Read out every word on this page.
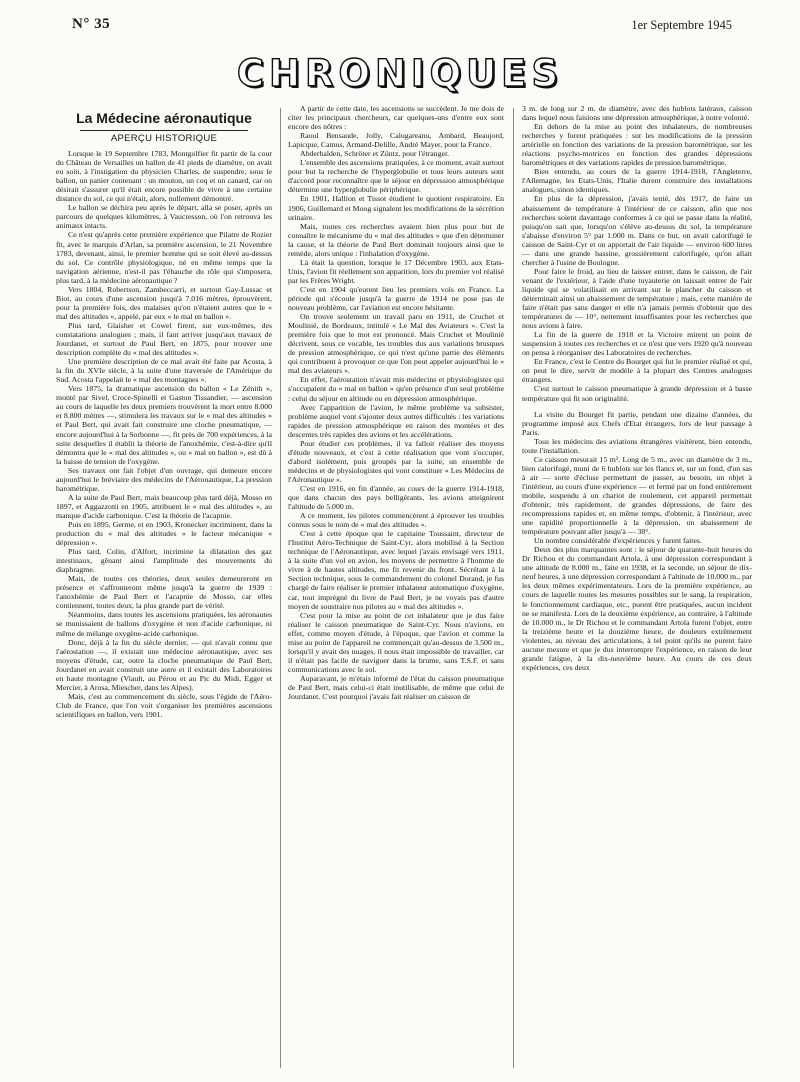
N° 35	1er Septembre 1945
CHRONIQUES
La Médecine aéronautique
APERÇU HISTORIQUE

Lorsque le 19 Septembre 1783, Montgolfier fit partir de la cour du Château de Versailles un ballon de 41 pieds de diamètre, on avait eu soin, à l'instigation du physicien Charles, de suspendre, sous le ballon, un panier contenant : un mouton, un coq et un canard, car on désirait s'assurer qu'il était encore possible de vivre à une certaine distance du sol, ce qui n'était, alors, nullement démontré.

Le ballon se déchira peu après le départ, alla se poser, après un parcours de quelques kilomètres, à Vaucresson, où l'on retrouva les animaux intacts.

Ce n'est qu'après cette première expérience que Pilatre de Rozier fit, avec le marquis d'Arlan, sa première ascension, le 21 Novembre 1783, devenant, ainsi, le premier homme qui se soit élevé au-dessus du sol. Ce contrôle physiologique, né en même temps que la navigation aérienne, n'est-il pas l'ébauche du rôle qui s'imposera, plus tard, à la médecine aéronautique ?

Vers 1804, Robertson, Zambeccarri, et surtout Gay-Lussac et Biot, au cours d'une ascension jusqu'à 7.016 mètres, éprouvèrent, pour la première fois, des malaises qu'on n'étaient autres que le « mal des altitudes », appelé, par eux « le mal en ballon ».

Plus tard, Glaisher et Cowel firent, sur eux-mêmes, des constatations analogues ; mais, il faut arriver jusqu'aux travaux de Jourdanet, et surtout de Paul Bert, en 1875, pour trouver une description complète du « mal des altitudes ».

Une première description de ce mal avait été faite par Acosta, à la fin du XVIe siècle, à la suite d'une traversée de l'Amérique du Sud. Acosta l'appelait le « mal des montagnes ».

Vers 1875, la dramatique ascension du ballon « Le Zénith », monté par Sivel, Croce-Spinelli et Gaston Tissandier, — ascension au cours de laquelle les deux premiers trouvèrent la mort entre 8.000 et 8.800 mètres —, stimulera les travaux sur le « mal des altitudes » et Paul Bert, qui avait fait construire une cloche pneumatique, — encore aujourd'hui à la Sorbonne —, fit près de 700 expériences, à la suite desquelles il établit la théorie de l'anoxhémie, c'est-à-dire qu'il démontra que le « mal des altitudes », ou « mal en ballon », est dû à la baisse de tension de l'oxygène.

Ses travaux ont fait l'objet d'un ouvrage, qui demeure encore aujourd'hui le bréviaire des médecins de l'Aéronautique, La pression barométrique.

A la suite de Paul Bert, mais beaucoup plus tard déjà, Mosso en 1897, et Aggazzotti en 1905, attribuent le « mal des altitudes », au manque d'acide carbonique. C'est la théorie de l'acapnie.

Puis en 1895, Germe, et en 1903, Kronecker incriminent, dans la production du « mal des altitudes » le facteur mécanique « dépression ».

Plus tard, Colin, d'Alfort, incrimine la dilatation des gaz intestinaux, gênant ainsi l'amplitude des mouvements du diaphragme.

Mais, de toutes ces théories, deux seules demeureront en présence et s'affronteront même jusqu'à la guerre de 1939 : l'anoxhémie de Paul Bert et l'acapnie de Mosso, car elles contiennent, toutes deux, la plus grande part de vérité.

Néanmoins, dans toutes les ascensions pratiquées, les aéronautes se munissaient de ballons d'oxygène et non d'acide carbonique, ni même de mélange oxygène-acide carbonique.

Donc, déjà à la fin du siècle dernier, — qui n'avait connu que l'aérostation —, il existait une médecine aéronautique, avec ses moyens d'étude, car, outre la cloche pneumatique de Paul Bert, Jourdanet en avait construit une autre et il existait des Laboratoires en haute montagne (Viault, au Pérou et au Pic du Midi, Egger et Mercier, à Arosa, Miescher, dans les Alpes).

Mais, c'est au commencement du siècle, sous l'égide de l'Aéro-Club de France, que l'on voit s'organiser les premières ascensions scientifiques en ballon, vers 1901.

A partir de cette date, les ascensions se succèdent. Je me dois de citer les principaux chercheurs, car quelques-uns d'entre eux sont encore des nôtres :

Raoul Bensaude, Jolly, Calugareanu, Ambard, Beaujord, Lapicque, Camus, Armand-Delille, André Mayer, pour la France.

Abderhalden, Schröter et Züntz, pour l'étranger.

L'ensemble des ascensions pratiquées, à ce moment, avait surtout pour but la recherche de l'hyperglobulie et tous leurs auteurs sont d'accord pour reconnaître que le séjour en dépression atmosphérique détermine une hyperglobulie périphérique.

En 1901, Hallion et Tissot étudient le quotient respiratoire. En 1906, Guillemard et Moog signalent les modifications de la sécrétion urinaire.

Mais, toutes ces recherches avaient bien plus pour but de connaître le mécanisme du « mal des altitudes » que d'en déterminer la cause, et la théorie de Paul Bert dominait toujours ainsi que le remède, alors unique : l'inhalation d'oxygène.

Là était la question, lorsque le 17 Décembre 1903, aux Etats-Unis, l'avion fit réellement son apparition, lors du premier vol réalisé par les Frères Wright.

C'est en 1904 qu'eurent lieu les premiers vols en France. La période qui s'écoule jusqu'à la guerre de 1914 ne pose pas de nouveau problème, car l'aviation est encore hésitante.

On trouve seulement un travail paru en 1911, de Cruchet et Moulinié, de Bordeaux, intitulé « Le Mal des Aviateurs ». C'est la première fois que le mot est prononcé. Mais Cruchet et Moulinié décrivent, sous ce vocable, les troubles dus aux variations brusques de pression atmosphérique, ce qui n'est qu'une partie des éléments qui contribuent à provoquer ce que l'on peut appeler aujourd'hui le « mal des aviateurs ».

En effet, l'aérostation n'avait mis médecins et physiologistes qui s'occupaient du « mal en ballon » qu'en présence d'un seul problème : celui du séjour en altitude ou en dépression atmosphérique.

Avec l'apparition de l'avion, le même problème va subsister, problème auquel vont s'ajouter deux autres difficultés : les variations rapides de pression atmosphérique en raison des montées et des descentes très rapides des avions et les accélérations.

Pour étudier ces problèmes, il va falloir réaliser des moyens d'étude nouveaux, et c'est à cette réalisation que vont s'occuper, d'abord isolément, puis groupés par la suite, un ensemble de médecins et de physiologistes qui vont constituer « Les Médecins de l'Aéronautique ».

C'est en 1916, en fin d'année, au cours de la guerre 1914-1918, que dans chacun des pays belligérants, les avions atteignirent l'altitude de 5.000 m.

A ce moment, les pilotes commencèrent à éprouver les troubles connus sous le nom de « mal des altitudes ».

C'est à cette époque que le capitaine Toussaint, directeur de l'Institut Aéro-Technique de Saint-Cyr, alors mobilisé à la Section technique de l'Aéronautique, avec lequel j'avais envisagé vers 1911, à la suite d'un vol en avion, les moyens de permettre à l'homme de vivre à de hautes altitudes, me fit revenir du front. Sécrétant à la Section technique, sous le commandement du colonel Dorand, je fus chargé de faire réaliser le premier inhalateur automatique d'oxygène, car, tout imprégné du livre de Paul Bert, je ne voyais pas d'autre moyen de soustraire nos pilotes au « mal des altitudes ».

C'est pour la mise au point de cet inhalateur que je dus faire réaliser le caisson pneumatique de Saint-Cyr. Nous n'avions, en effet, comme moyen d'étude, à l'époque, que l'avion et comme la mise au point de l'appareil ne commençait qu'au-dessus de 3.500 m., lorsqu'il y avait des nuages, il nous était impossible de travailler, car il n'était pas facile de naviguer dans la brume, sans T.S.F. et sans communications avec le sol.

Auparavant, je m'étais informé de l'état du caisson pneumatique de Paul Bert, mais celui-ci était inutilisable, de même que celui de Jourdanet. C'est pourquoi j'avais fait réaliser un caisson de

3 m. de long sur 2 m. de diamètre, avec des hublots latéraux, caisson dans lequel nous faisions une dépression atmosphérique, à notre volonté.

En dehors de la mise au point des inhalateurs, de nombreuses recherches y furent pratiquées : sur les modifications de la pression artérielle en fonction des variations de la pression barométrique, sur les réactions psycho-motrices en fonction des grandes dépressions barométriques et des variations rapides de pression barométrique.

Bien entendu, au cours de la guerre 1914-1918, l'Angleterre, l'Allemagne, les Etats-Unis, l'Italie durent construire des installations analogues, sinon identiques.

En plus de la dépression, j'avais tenté, dès 1917, de faire un abaissement de température à l'intérieur de ce caisson, afin que nos recherches soient davantage conformes à ce qui se passe dans la réalité, puisqu'on sait que, lorsqu'on s'élève au-dessus du sol, la température s'abaisse d'environ 5° par 1.000 m. Dans ce but, on avait calorifugé le caisson de Saint-Cyr et on apportait de l'air liquide — environ 600 litres — dans une grande bassine, grossièrement calorifugée, qu'on allait chercher à l'usine de Boulogne.

Pour faire le froid, au lieu de laisser entrer, dans le caisson, de l'air venant de l'extérieur, à l'aide d'une tuyauterie on laissait entrer de l'air liquide qui se volatilisait en arrivant sur le plancher du caisson et déterminait ainsi un abaissement de température ; mais, cette manière de faire n'était pas sans danger et elle n'a jamais permis d'obtenir que des températures de — 10°, nettement insuffisantes pour les recherches que nous avions à faire.

La fin de la guerre de 1918 et la Victoire mirent un point de suspension à toutes ces recherches et ce n'est que vers 1920 qu'à nouveau on pensa à réorganiser des Laboratoires de recherches.

En France, c'est le Centre du Bourget qui fut le premier réalisé et qui, on peut le dire, servit de modèle à la plupart des Centres analogues étrangers.

C'est surtout le caisson pneumatique à grande dépression et à basse température qui fit son originalité.

La visite du Bourget fit partie, pendant une dizaine d'années, du programme imposé aux Chefs d'Etat étrangers, lors de leur passage à Paris.

Tous les médecins des aviations étrangères visitèrent, bien entendu, toute l'installation.

Ce caisson mesurait 15 m³. Long de 5 m., avec un diamètre de 3 m., bien calorifugé, muni de 6 hublots sur les flancs et, sur un fond, d'un sas à air — sorte d'écluse permettant de passer, au besoin, un objet à l'intérieur, au cours d'une expérience — et fermé par un fond entièrement mobile, suspendu à un chariot de roulement, cet appareil permettait d'obtenir, très rapidement, de grandes dépressions, de faire des recompressions rapides et, en même temps, d'obtenir, à l'intérieur, avec une rapidité proportionnelle à la dépression, un abaissement de température pouvant aller jusqu'à — 38°.

Un nombre considérable d'expériences y furent faites.

Deux des plus marquantes sont : le séjour de quarante-huit heures du Dr Richou et du commandant Artola, à une dépression correspondant à une altitude de 8.000 m., faite en 1938, et la seconde, un séjour de dix-neuf heures, à une dépression correspondant à l'altitude de 10.000 m., par les deux mêmes expérimentateurs. Lors de la première expérience, au cours de laquelle toutes les mesures possibles sur le sang, la respiration, le fonctionnement cardiaque, etc., purent être pratiquées, aucun incident ne se manifesta. Lors de la deuxième expérience, au contraire, à l'altitude de 10.000 m., le Dr Richou et le commandant Artola furent l'objet, entre la treizième heure et la douzième heure, de douleurs extrêmement violentes, au niveau des articulations, à tel point qu'ils ne purent faire aucune mesure et que je dus interrompre l'expérience, en raison de leur grande fatigue, à la dix-neuvième heure. Au cours de ces deux expériences, ces deux
